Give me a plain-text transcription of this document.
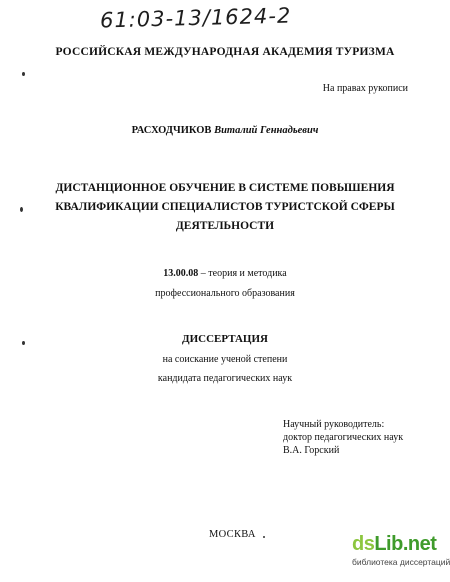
61:03-13/1624-2
РОССИЙСКАЯ МЕЖДУНАРОДНАЯ АКАДЕМИЯ ТУРИЗМА
На правах рукописи
РАСХОДЧИКОВ Виталий Геннадьевич
ДИСТАНЦИОННОЕ ОБУЧЕНИЕ В СИСТЕМЕ ПОВЫШЕНИЯ
КВАЛИФИКАЦИИ СПЕЦИАЛИСТОВ ТУРИСТСКОЙ СФЕРЫ
ДЕЯТЕЛЬНОСТИ
13.00.08 – теория и методика
профессионального образования
ДИССЕРТАЦИЯ
на соискание ученой степени
кандидата педагогических наук
Научный руководитель:
доктор педагогических наук
В.А. Горский
МОСКВА	dsLib.net
библиотека диссертаций
